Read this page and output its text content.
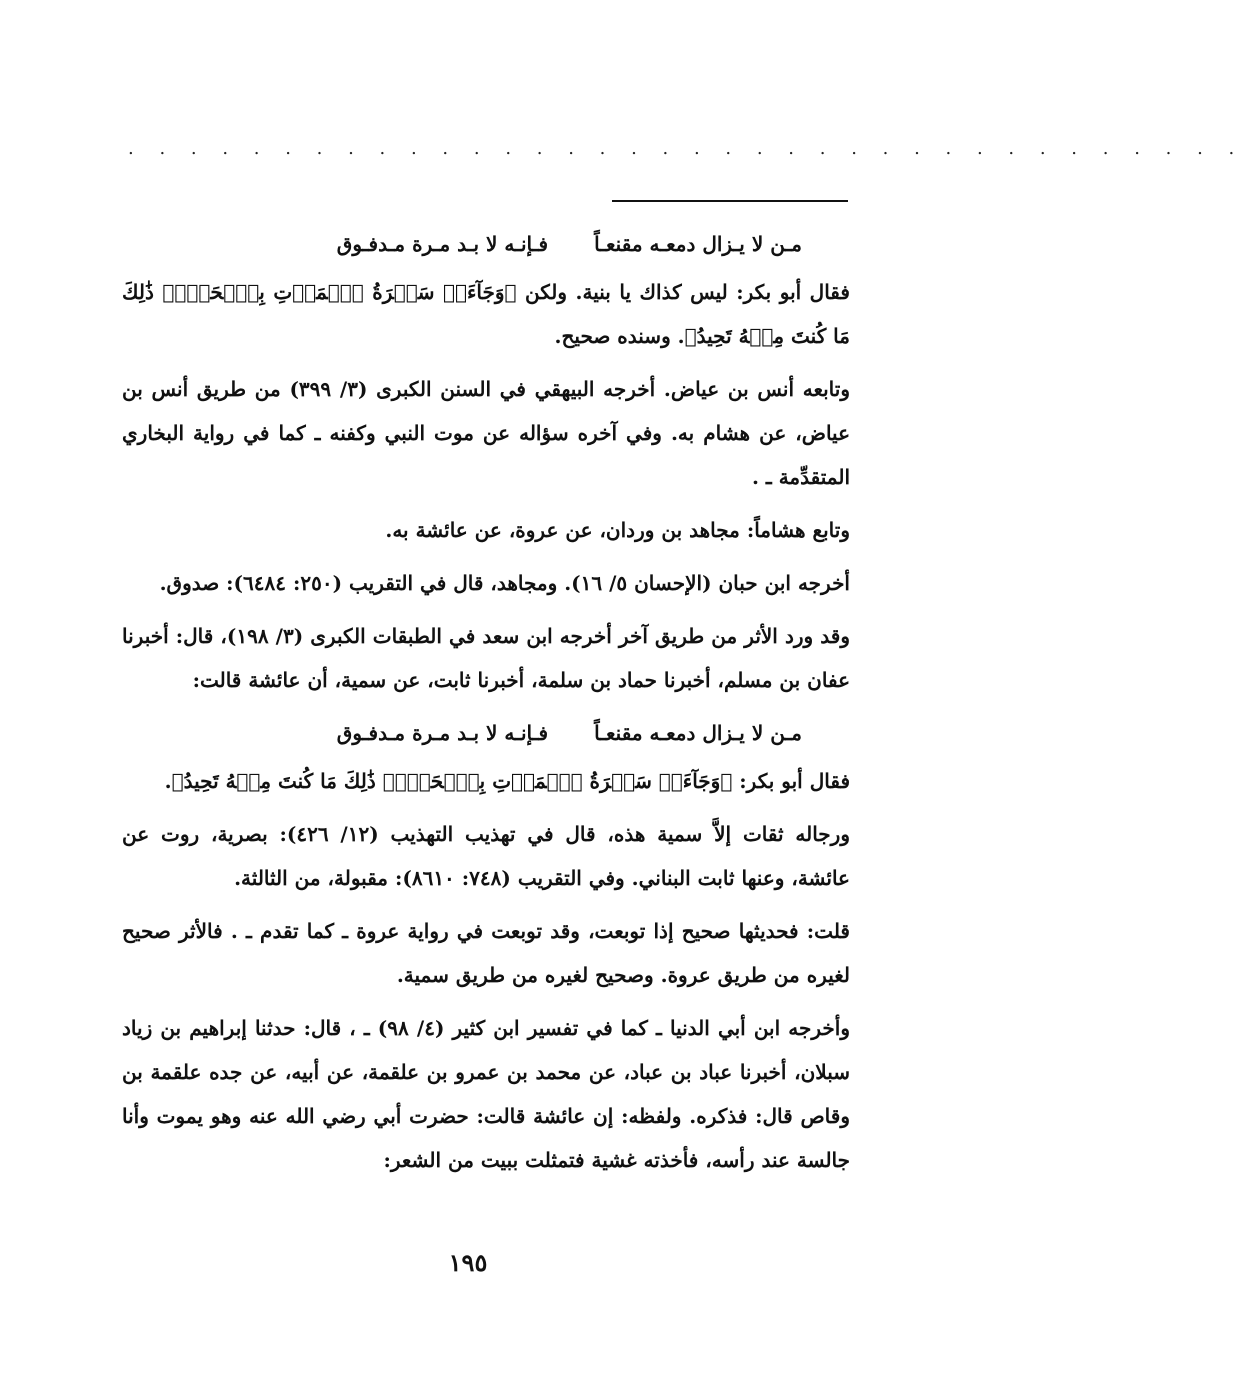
. . . . . . . . . . . . . . . . . . . . . . . . . . . . . . . . . . . .
مـن لا يـزال دمعـه مقنعـاً
فـإنـه لا بـد مـرة مـدفـوق

فقال أبو بكر: ليس كذاك يا بنية. ولكن ﴿وَجَآءَتۡ سَكۡرَةُ ٱلۡمَوۡتِ بِٱلۡحَقِّۖ ذَٰلِكَ مَا كُنتَ مِنۡهُ تَحِيدُ﴾. وسنده صحيح.

وتابعه أنس بن عياض. أخرجه البيهقي في السنن الكبرى (٣/ ٣٩٩) من طريق أنس بن عياض، عن هشام به. وفي آخره سؤاله عن موت النبي وكفنه ـ كما في رواية البخاري المتقدِّمة ـ .

وتابع هشاماً: مجاهد بن وردان، عن عروة، عن عائشة به.

أخرجه ابن حبان (الإحسان ٥/ ١٦). ومجاهد، قال في التقريب (٢٥٠: ٦٤٨٤): صدوق.

وقد ورد الأثر من طريق آخر أخرجه ابن سعد في الطبقات الكبرى (٣/ ١٩٨)، قال: أخبرنا عفان بن مسلم، أخبرنا حماد بن سلمة، أخبرنا ثابت، عن سمية، أن عائشة قالت:

مـن لا يـزال دمعـه مقنعـاً
فـإنـه لا بـد مـرة مـدفـوق

فقال أبو بكر: ﴿وَجَآءَتۡ سَكۡرَةُ ٱلۡمَوۡتِ بِٱلۡحَقِّۖ ذَٰلِكَ مَا كُنتَ مِنۡهُ تَحِيدُ﴾.

ورجاله ثقات إلاَّ سمية هذه، قال في تهذيب التهذيب (١٢/ ٤٢٦): بصرية، روت عن عائشة، وعنها ثابت البناني. وفي التقريب (٧٤٨: ٨٦١٠): مقبولة، من الثالثة.

قلت: فحديثها صحيح إذا توبعت، وقد توبعت في رواية عروة ـ كما تقدم ـ . فالأثر صحيح لغيره من طريق عروة. وصحيح لغيره من طريق سمية.

وأخرجه ابن أبي الدنيا ـ كما في تفسير ابن كثير (٤/ ٩٨) ـ ، قال: حدثنا إبراهيم بن زياد سبلان، أخبرنا عباد بن عباد، عن محمد بن عمرو بن علقمة، عن أبيه، عن جده علقمة بن وقاص قال: فذكره. ولفظه: إن عائشة قالت: حضرت أبي رضي الله عنه وهو يموت وأنا جالسة عند رأسه، فأخذته غشية فتمثلت ببيت من الشعر:

١٩٥
